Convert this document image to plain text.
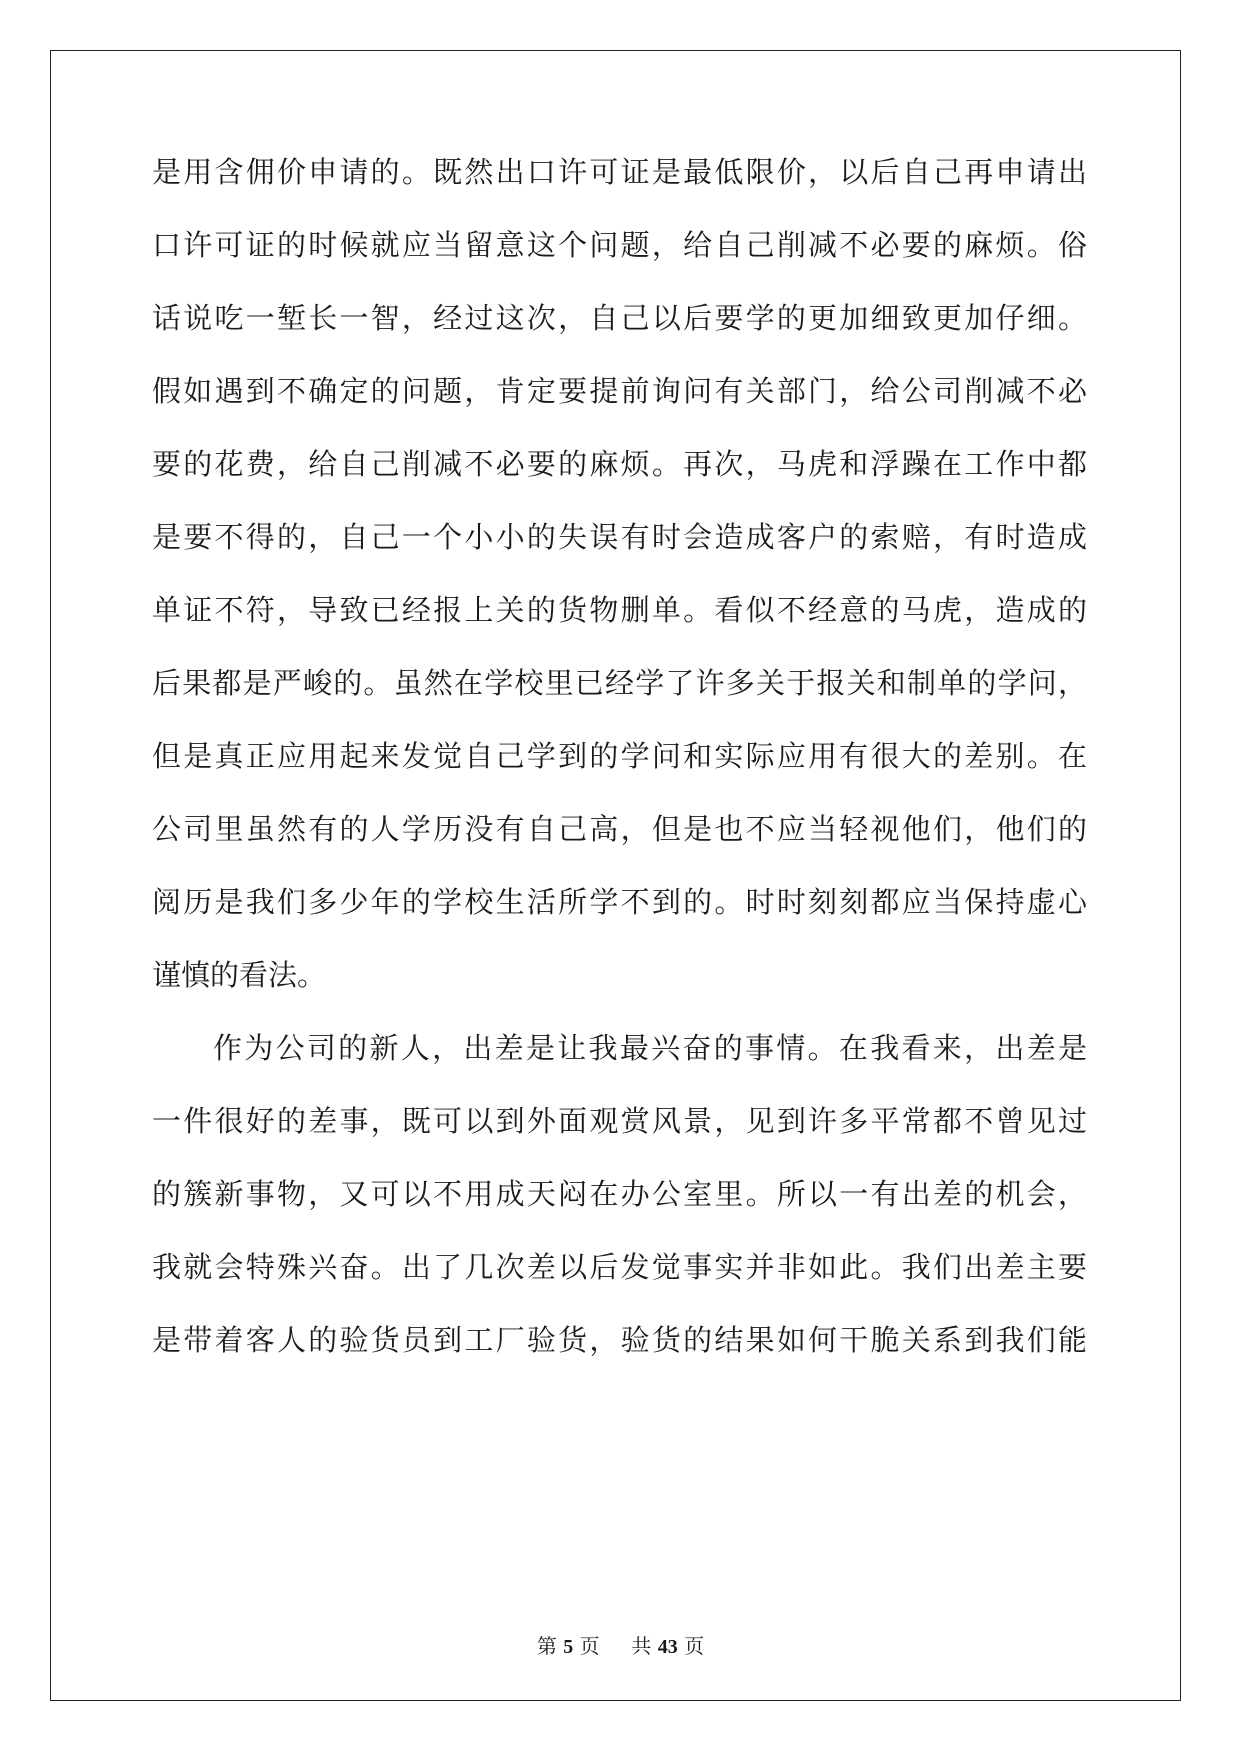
是用含佣价申请的。既然出口许可证是最低限价，以后自己再申请出
口许可证的时候就应当留意这个问题，给自己削减不必要的麻烦。俗
话说吃一堑长一智，经过这次，自己以后要学的更加细致更加仔细。
假如遇到不确定的问题，肯定要提前询问有关部门，给公司削减不必
要的花费，给自己削减不必要的麻烦。再次，马虎和浮躁在工作中都
是要不得的，自己一个小小的失误有时会造成客户的索赔，有时造成
单证不符，导致已经报上关的货物删单。看似不经意的马虎，造成的
后果都是严峻的。虽然在学校里已经学了许多关于报关和制单的学问，
但是真正应用起来发觉自己学到的学问和实际应用有很大的差别。在
公司里虽然有的人学历没有自己高，但是也不应当轻视他们，他们的
阅历是我们多少年的学校生活所学不到的。时时刻刻都应当保持虚心
谨慎的看法。
作为公司的新人，出差是让我最兴奋的事情。在我看来，出差是
一件很好的差事，既可以到外面观赏风景，见到许多平常都不曾见过
的簇新事物，又可以不用成天闷在办公室里。所以一有出差的机会，
我就会特殊兴奋。出了几次差以后发觉事实并非如此。我们出差主要
是带着客人的验货员到工厂验货，验货的结果如何干脆关系到我们能
第 5 页 共 43 页
